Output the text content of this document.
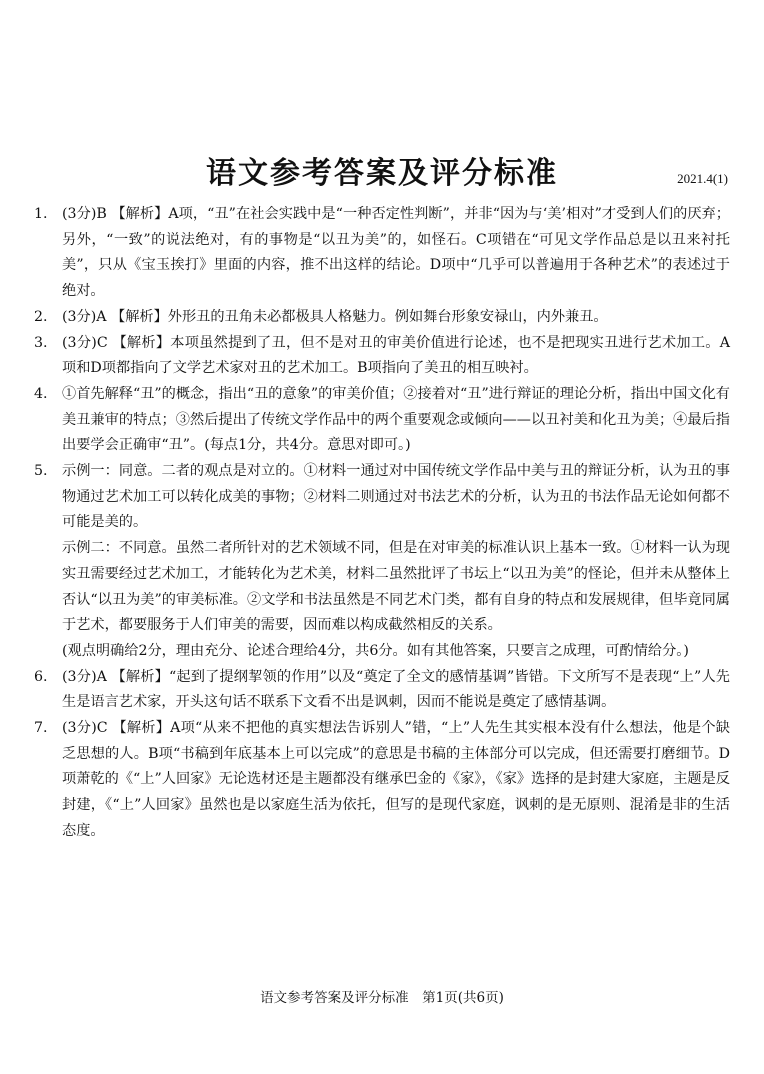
语文参考答案及评分标准	2021.4(1)
1.	(3分)B 【解析】A项，“丑”在社会实践中是“一种否定性判断”，并非“因为与‘美’相对”才受到人们的厌弃；另外，“一致”的说法绝对，有的事物是“以丑为美”的，如怪石。C项错在“可见文学作品总是以丑来衬托美”，只从《宝玉挨打》里面的内容，推不出这样的结论。D项中“几乎可以普遍用于各种艺术”的表述过于绝对。
2.	(3分)A 【解析】外形丑的丑角未必都极具人格魅力。例如舞台形象安禄山，内外兼丑。
3.	(3分)C 【解析】本项虽然提到了丑，但不是对丑的审美价值进行论述，也不是把现实丑进行艺术加工。A项和D项都指向了文学艺术家对丑的艺术加工。B项指向了美丑的相互映衬。
4.	①首先解释“丑”的概念，指出“丑的意象”的审美价值；②接着对“丑”进行辩证的理论分析，指出中国文化有美丑兼审的特点；③然后提出了传统文学作品中的两个重要观念或倾向——以丑衬美和化丑为美；④最后指出要学会正确审“丑”。(每点1分，共4分。意思对即可。)
5.	示例一：同意。二者的观点是对立的。①材料一通过对中国传统文学作品中美与丑的辩证分析，认为丑的事物通过艺术加工可以转化成美的事物；②材料二则通过对书法艺术的分析，认为丑的书法作品无论如何都不可能是美的。
示例二：不同意。虽然二者所针对的艺术领域不同，但是在对审美的标准认识上基本一致。①材料一认为现实丑需要经过艺术加工，才能转化为艺术美，材料二虽然批评了书坛上“以丑为美”的怪论，但并未从整体上否认“以丑为美”的审美标准。②文学和书法虽然是不同艺术门类，都有自身的特点和发展规律，但毕竟同属于艺术，都要服务于人们审美的需要，因而难以构成截然相反的关系。
(观点明确给2分，理由充分、论述合理给4分，共6分。如有其他答案，只要言之成理，可酌情给分。)
6.	(3分)A 【解析】“起到了提纲挈领的作用”以及“奠定了全文的感情基调”皆错。下文所写不是表现“上”人先生是语言艺术家，开头这句话不联系下文看不出是讽刺，因而不能说是奠定了感情基调。
7.	(3分)C 【解析】A项“从来不把他的真实想法告诉别人”错，“上”人先生其实根本没有什么想法，他是个缺乏思想的人。B项“书稿到年底基本上可以完成”的意思是书稿的主体部分可以完成，但还需要打磨细节。D项萧乾的《“上”人回家》无论选材还是主题都没有继承巴金的《家》，《家》选择的是封建大家庭，主题是反封建，《“上”人回家》虽然也是以家庭生活为依托，但写的是现代家庭，讽刺的是无原则、混淆是非的生活态度。
语文参考答案及评分标准　第1页(共6页)
